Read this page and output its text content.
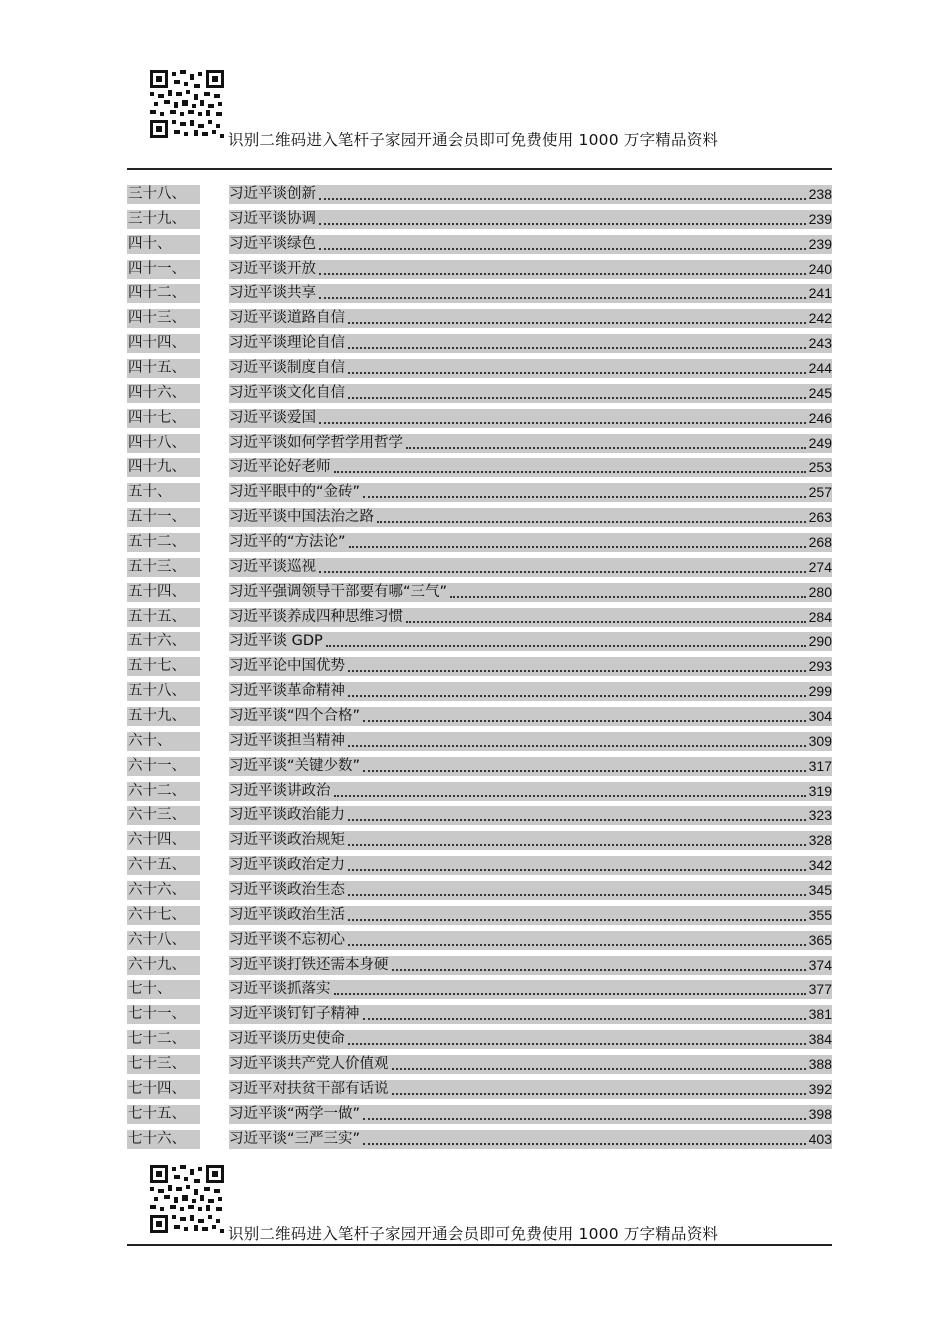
识别二维码进入笔杆子家园开通会员即可免费使用 1000 万字精品资料
三十八、	习近平谈创新	238
三十九、	习近平谈协调	239
四十、	习近平谈绿色	239
四十一、	习近平谈开放	240
四十二、	习近平谈共享	241
四十三、	习近平谈道路自信	242
四十四、	习近平谈理论自信	243
四十五、	习近平谈制度自信	244
四十六、	习近平谈文化自信	245
四十七、	习近平谈爱国	246
四十八、	习近平谈如何学哲学用哲学	249
四十九、	习近平论好老师	253
五十、	习近平眼中的“金砖”	257
五十一、	习近平谈中国法治之路	263
五十二、	习近平的“方法论”	268
五十三、	习近平谈巡视	274
五十四、	习近平强调领导干部要有哪“三气”	280
五十五、	习近平谈养成四种思维习惯	284
五十六、	习近平谈 GDP	290
五十七、	习近平论中国优势	293
五十八、	习近平谈革命精神	299
五十九、	习近平谈“四个合格”	304
六十、	习近平谈担当精神	309
六十一、	习近平谈“关键少数”	317
六十二、	习近平谈讲政治	319
六十三、	习近平谈政治能力	323
六十四、	习近平谈政治规矩	328
六十五、	习近平谈政治定力	342
六十六、	习近平谈政治生态	345
六十七、	习近平谈政治生活	355
六十八、	习近平谈不忘初心	365
六十九、	习近平谈打铁还需本身硬	374
七十、	习近平谈抓落实	377
七十一、	习近平谈钉钉子精神	381
七十二、	习近平谈历史使命	384
七十三、	习近平谈共产党人价值观	388
七十四、	习近平对扶贫干部有话说	392
七十五、	习近平谈“两学一做”	398
七十六、	习近平谈“三严三实”	403
识别二维码进入笔杆子家园开通会员即可免费使用 1000 万字精品资料
